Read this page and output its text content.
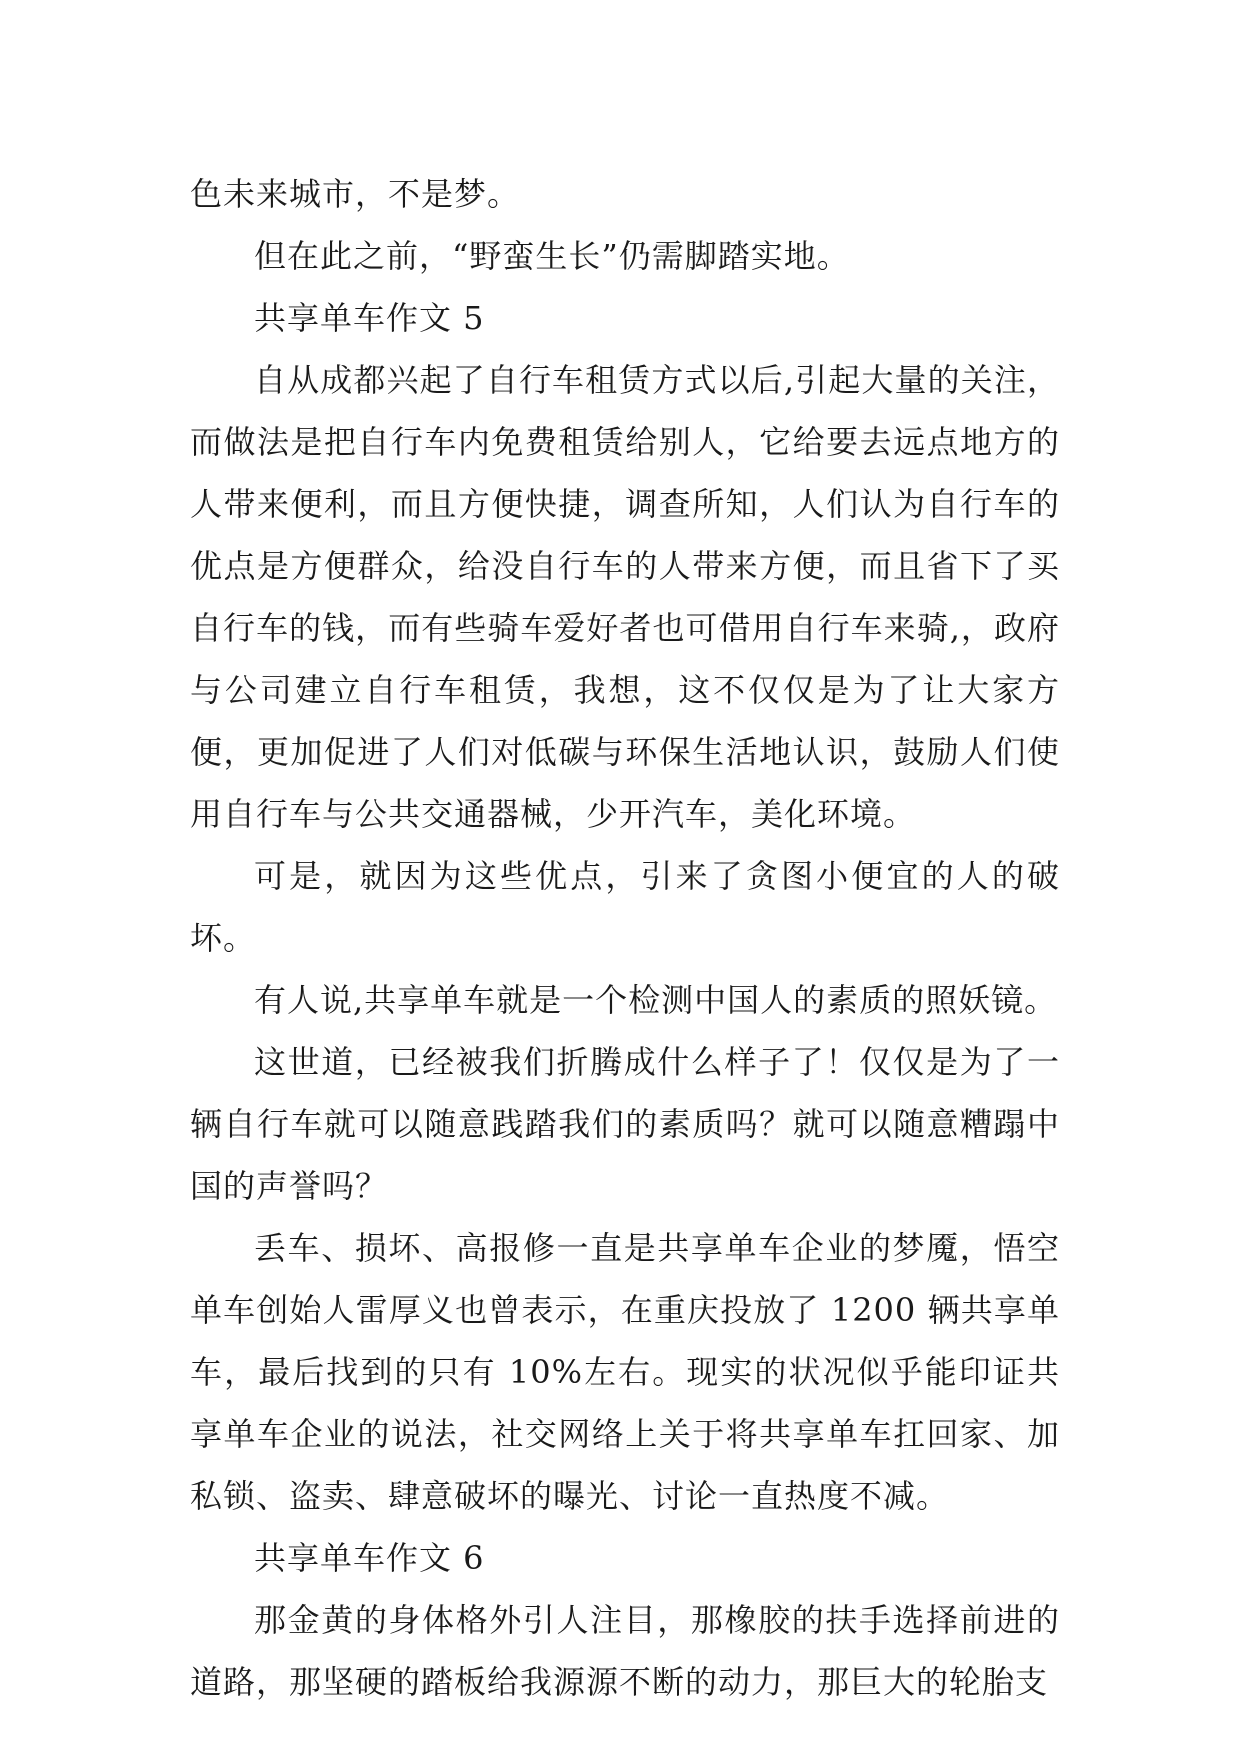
色未来城市，不是梦。

但在此之前，“野蛮生长”仍需脚踏实地。

共享单车作文 5

自从成都兴起了自行车租赁方式以后,引起大量的关注，而做法是把自行车内免费租赁给别人，它给要去远点地方的人带来便利，而且方便快捷，调查所知，人们认为自行车的优点是方便群众，给没自行车的人带来方便，而且省下了买自行车的钱，而有些骑车爱好者也可借用自行车来骑,，政府与公司建立自行车租赁，我想，这不仅仅是为了让大家方便，更加促进了人们对低碳与环保生活地认识，鼓励人们使用自行车与公共交通器械，少开汽车，美化环境。

可是，就因为这些优点，引来了贪图小便宜的人的破坏。

有人说,共享单车就是一个检测中国人的素质的照妖镜。

这世道，已经被我们折腾成什么样子了！仅仅是为了一辆自行车就可以随意践踏我们的素质吗？就可以随意糟蹋中国的声誉吗？

丢车、损坏、高报修一直是共享单车企业的梦魇，悟空单车创始人雷厚义也曾表示，在重庆投放了 1200 辆共享单车，最后找到的只有 10%左右。现实的状况似乎能印证共享单车企业的说法，社交网络上关于将共享单车扛回家、加私锁、盗卖、肆意破坏的曝光、讨论一直热度不减。

共享单车作文 6

那金黄的身体格外引人注目，那橡胶的扶手选择前进的道路，那坚硬的踏板给我源源不断的动力，那巨大的轮胎支
